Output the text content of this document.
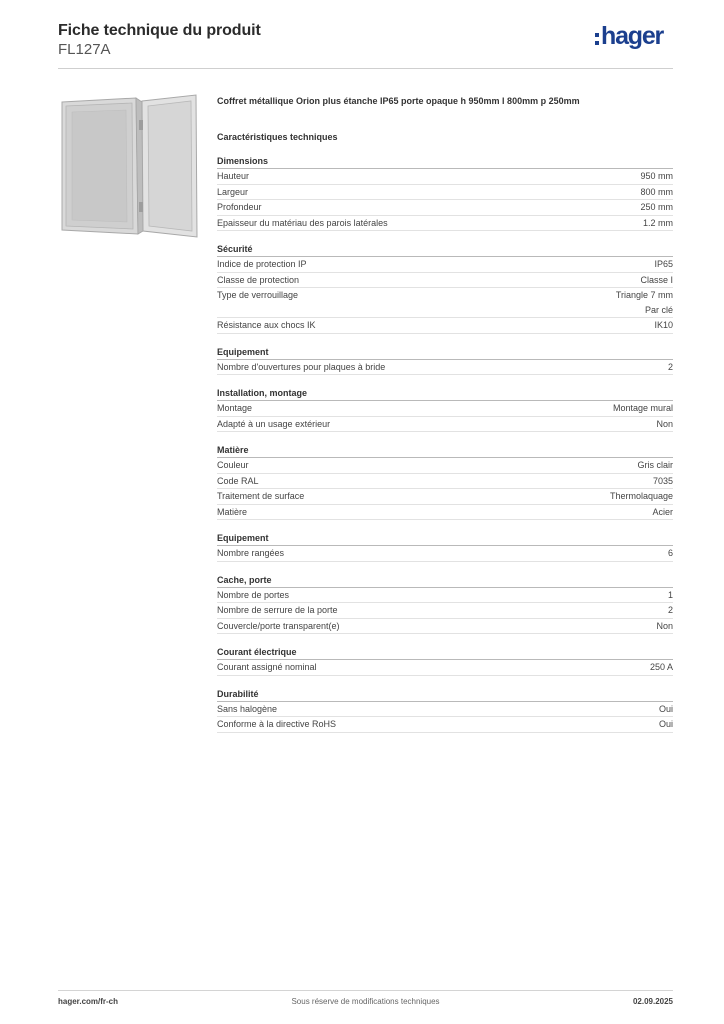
Fiche technique du produit
FL127A	hager
Coffret métallique Orion plus étanche IP65 porte opaque h 950mm l 800mm p 250mm
Caractéristiques techniques
Dimensions
Hauteur	950 mm
Largeur	800 mm
Profondeur	250 mm
Epaisseur du matériau des parois latérales	1.2 mm
Sécurité
Indice de protection IP	IP65
Classe de protection	Classe I
Type de verrouillage	Triangle 7 mm
Par clé
Résistance aux chocs IK	IK10
Equipement
Nombre d'ouvertures pour plaques à bride	2
Installation, montage
Montage	Montage mural
Adapté à un usage extérieur	Non
Matière
Couleur	Gris clair
Code RAL	7035
Traitement de surface	Thermolaquage
Matière	Acier
Equipement
Nombre rangées	6
Cache, porte
Nombre de portes	1
Nombre de serrure de la porte	2
Couvercle/porte transparent(e)	Non
Courant électrique
Courant assigné nominal	250 A
Durabilité
Sans halogène	Oui
Conforme à la directive RoHS	Oui
hager.com/fr-ch	Sous réserve de modifications techniques	02.09.2025
